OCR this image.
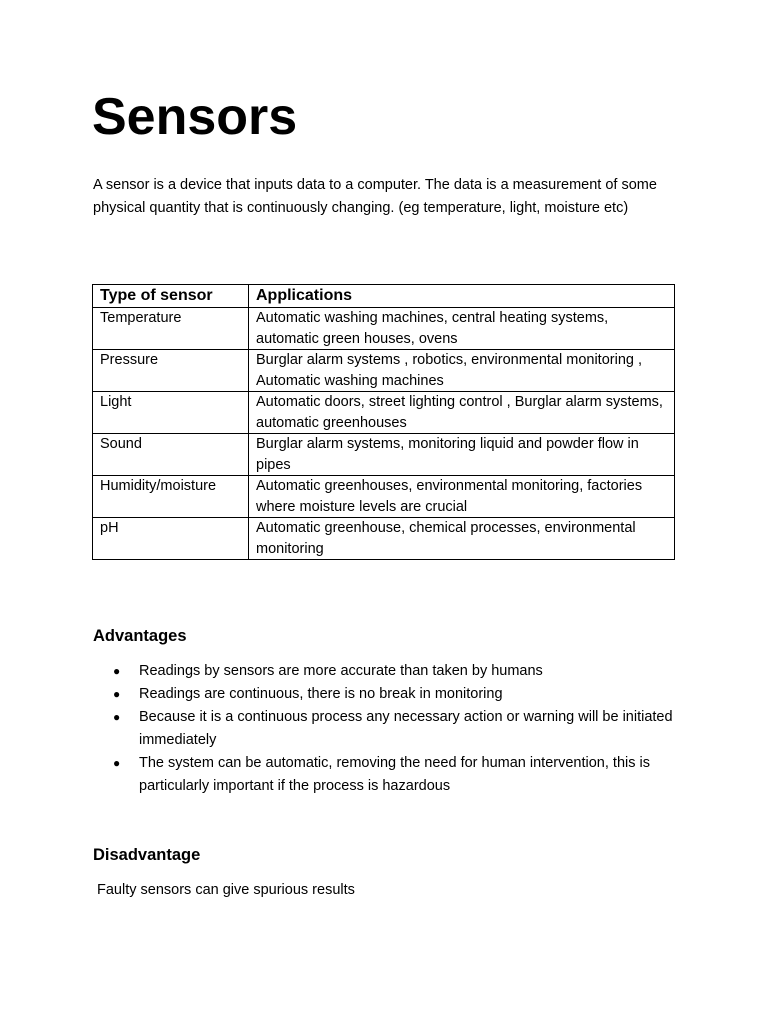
Sensors

A sensor is a device that inputs data to a computer. The data is a measurement of some physical quantity that is continuously changing. (eg temperature, light, moisture etc)

Type of sensor	Applications
Temperature	Automatic washing machines, central heating systems, automatic green houses, ovens
Pressure	Burglar alarm systems , robotics, environmental monitoring , Automatic washing machines
Light	Automatic doors, street lighting control , Burglar alarm systems, automatic greenhouses
Sound	Burglar alarm systems, monitoring liquid and powder flow in pipes
Humidity/moisture	Automatic greenhouses, environmental monitoring, factories where moisture levels are crucial
pH	Automatic greenhouse, chemical processes, environmental monitoring
Advantages
● Readings by sensors are more accurate than taken by humans
● Readings are continuous, there is no break in monitoring
● Because it is a continuous process any necessary action or warning will be initiated immediately
● The system can be automatic, removing the need for human intervention, this is particularly important if the process is hazardous
Disadvantage

Faulty sensors can give spurious results
